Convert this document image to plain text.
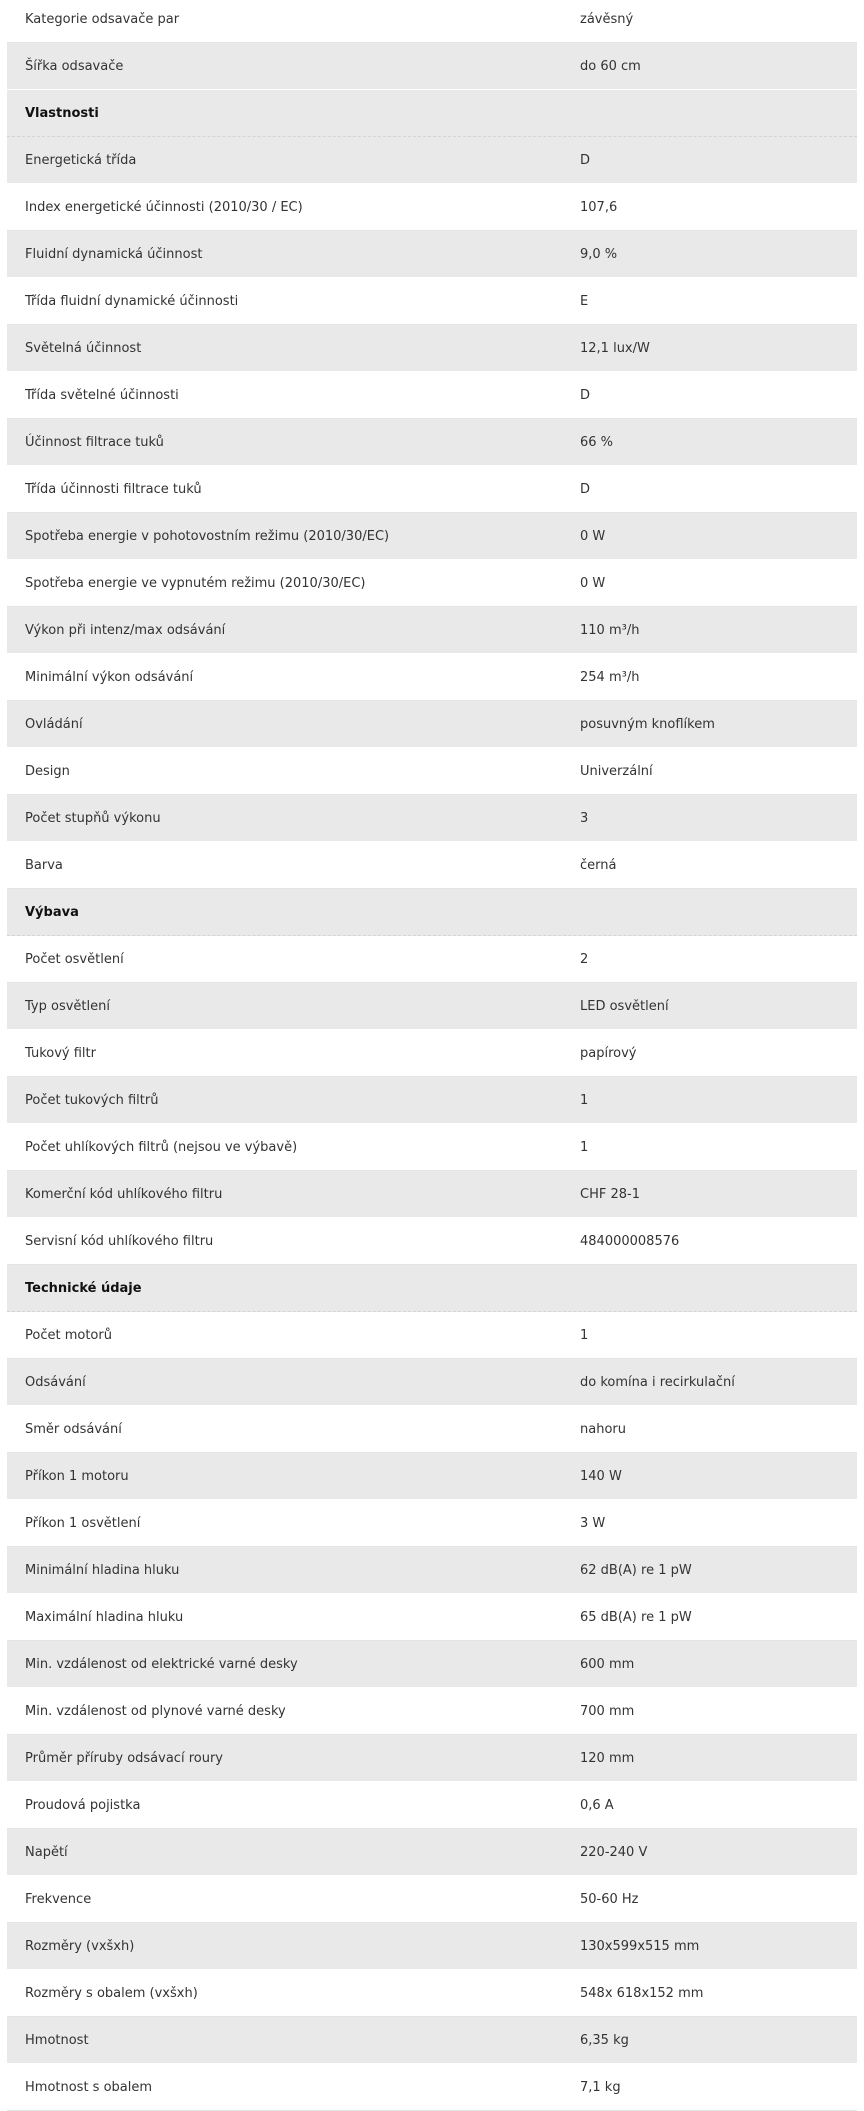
Kategorie odsavače par	závěsný
Šířka odsavače	do 60 cm
Vlastnosti
Energetická třída	D
Index energetické účinnosti (2010/30 / EC)	107,6
Fluidní dynamická účinnost	9,0 %
Třída fluidní dynamické účinnosti	E
Světelná účinnost	12,1 lux/W
Třída světelné účinnosti	D
Účinnost filtrace tuků	66 %
Třída účinnosti filtrace tuků	D
Spotřeba energie v pohotovostním režimu (2010/30/EC)	0 W
Spotřeba energie ve vypnutém režimu (2010/30/EC)	0 W
Výkon při intenz/max odsávání	110 m³/h
Minimální výkon odsávání	254 m³/h
Ovládání	posuvným knoflíkem
Design	Univerzální
Počet stupňů výkonu	3
Barva	černá
Výbava
Počet osvětlení	2
Typ osvětlení	LED osvětlení
Tukový filtr	papírový
Počet tukových filtrů	1
Počet uhlíkových filtrů (nejsou ve výbavě)	1
Komerční kód uhlíkového filtru	CHF 28-1
Servisní kód uhlíkového filtru	484000008576
Technické údaje
Počet motorů	1
Odsávání	do komína i recirkulační
Směr odsávání	nahoru
Příkon 1 motoru	140 W
Příkon 1 osvětlení	3 W
Minimální hladina hluku	62 dB(A) re 1 pW
Maximální hladina hluku	65 dB(A) re 1 pW
Min. vzdálenost od elektrické varné desky	600 mm
Min. vzdálenost od plynové varné desky	700 mm
Průměr příruby odsávací roury	120 mm
Proudová pojistka	0,6 A
Napětí	220-240 V
Frekvence	50-60 Hz
Rozměry (vxšxh)	130x599x515 mm
Rozměry s obalem (vxšxh)	548x 618x152 mm
Hmotnost	6,35 kg
Hmotnost s obalem	7,1 kg
